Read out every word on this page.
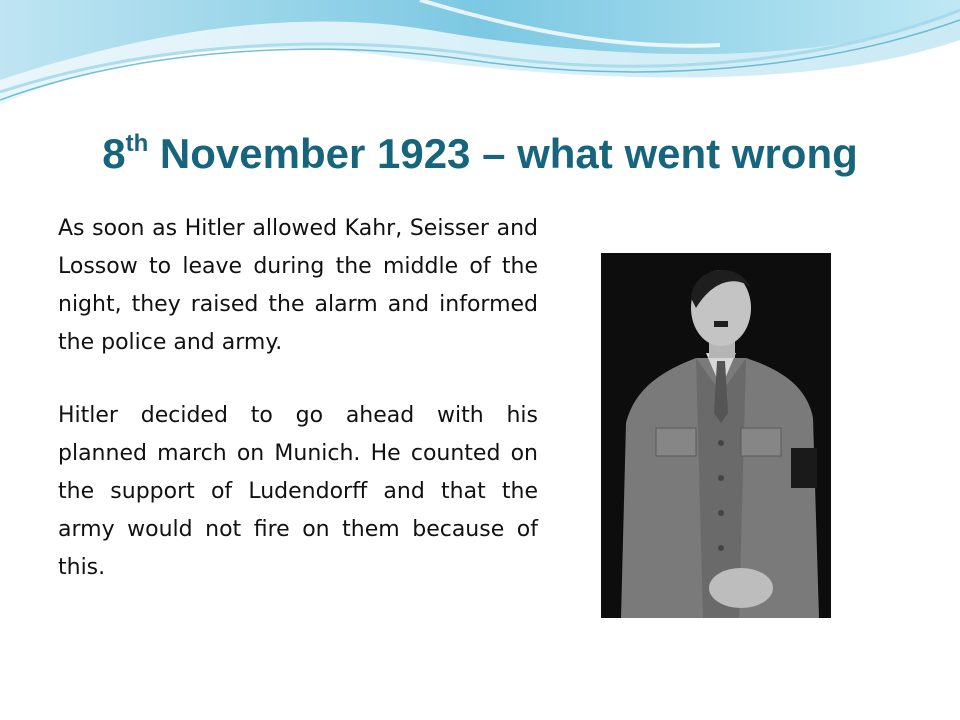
8th November 1923 – what went wrong

As soon as Hitler allowed Kahr, Seisser and Lossow to leave during the middle of the night, they raised the alarm and informed the police and army.

Hitler decided to go ahead with his planned march on Munich. He counted on the support of Ludendorff and that the army would not fire on them because of this.
